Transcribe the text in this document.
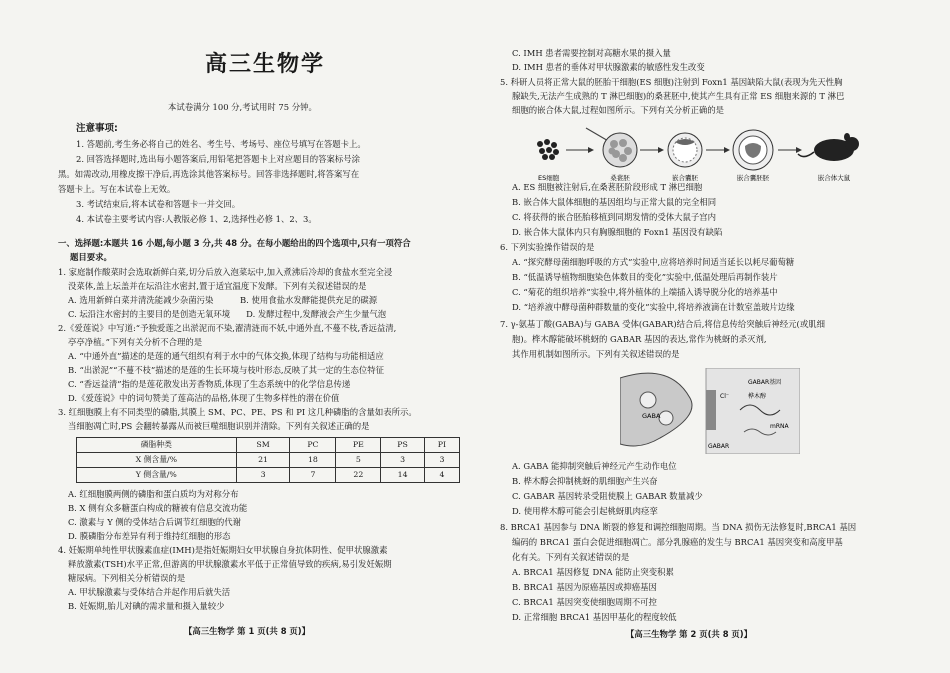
高三生物学
本试卷满分 100 分,考试用时 75 分钟。
注意事项:
1. 答题前,考生务必将自己的姓名、考生号、考场号、座位号填写在答题卡上。
2. 回答选择题时,选出每小题答案后,用铅笔把答题卡上对应题目的答案标号涂
黑。如需改动,用橡皮擦干净后,再选涂其他答案标号。回答非选择题时,将答案写在
答题卡上。写在本试卷上无效。
3. 考试结束后,将本试卷和答题卡一并交回。
4. 本试卷主要考试内容:人教版必修 1、2,选择性必修 1、2、3。
一、选择题:本题共 16 小题,每小题 3 分,共 48 分。在每小题给出的四个选项中,只有一项符合
题目要求。
1. 家庭制作酸菜时会选取新鲜白菜,切分后放入泡菜坛中,加入煮沸后冷却的食盐水至完全浸
没菜体,盖上坛盖并在坛沿注水密封,置于适宜温度下发酵。下列有关叙述错误的是
A. 选用新鲜白菜并清洗能减少杂菌污染          B. 使用食盐水发酵能提供充足的碳源
C. 坛沿注水密封的主要目的是创造无氧环境      D. 发酵过程中,发酵液会产生少量气泡
2.《爱莲说》中写道:“予独爱莲之出淤泥而不染,濯清涟而不妖,中通外直,不蔓不枝,香远益清,
亭亭净植。”下列有关分析不合理的是
A. “中通外直”描述的是莲的通气组织有利于水中的气体交换,体现了结构与功能相适应
B. “出淤泥”“不蔓不枝”描述的是莲的生长环境与枝叶形态,反映了其一定的生态位特征
C. “香远益清”指的是莲花散发出芳香物质,体现了生态系统中的化学信息传递
D.《爱莲说》中的词句赞美了莲高洁的品格,体现了生物多样性的潜在价值
3. 红细胞膜上有不同类型的磷脂,其膜上 SM、PC、PE、PS 和 PI 这几种磷脂的含量如表所示。
当细胞凋亡时,PS 会翻转暴露从而被巨噬细胞识别并清除。下列有关叙述正确的是
磷脂种类	SM	PC	PE	PS	PI
X 侧含量/%	21	18	5	3	3
Y 侧含量/%	3	7	22	14	4
A. 红细胞膜两侧的磷脂和蛋白质均为对称分布
B. X 侧有众多糖蛋白构成的糖被有信息交流功能
C. 激素与 Y 侧的受体结合后调节红细胞的代谢
D. 膜磷脂分布差异有利于维持红细胞的形态
4. 妊娠期单纯性甲状腺素血症(IMH)是指妊娠期妇女甲状腺自身抗体阴性、促甲状腺激素
释放激素(TSH)水平正常,但游离的甲状腺激素水平低于正常值导致的疾病,易引发妊娠期
糖尿病。下列相关分析错误的是
A. 甲状腺激素与受体结合并起作用后就失活
B. 妊娠期,胎儿对碘的需求量和摄入量较少
【高三生物学 第 1 页(共 8 页)】
C. IMH 患者需要控制对高糖水果的摄入量
D. IMH 患者的垂体对甲状腺激素的敏感性发生改变
5. 科研人员将正常大鼠的胚胎干细胞(ES 细胞)注射到 Foxn1 基因缺陷大鼠(表现为先天性胸
腺缺失,无法产生成熟的 T 淋巴细胞)的桑葚胚中,使其产生具有正常 ES 细胞来源的 T 淋巴
细胞的嵌合体大鼠,过程如图所示。下列有关分析正确的是
ES细胞	桑葚胚	嵌合囊胚	嵌合囊胚胚	嵌合体大鼠
A. ES 细胞被注射后,在桑葚胚阶段形成 T 淋巴细胞
B. 嵌合体大鼠体细胞的基因组均与正常大鼠的完全相同
C. 将获得的嵌合胚胎移植到同期发情的受体大鼠子宫内
D. 嵌合体大鼠体内只有胸腺细胞的 Foxn1 基因没有缺陷
6. 下列实验操作错误的是
A. “探究酵母菌细胞呼吸的方式”实验中,应将培养时间适当延长以耗尽葡萄糖
B. “低温诱导植物细胞染色体数目的变化”实验中,低温处理后再制作装片
C. “菊花的组织培养”实验中,将外植体的上端插入诱导脱分化的培养基中
D. “培养液中酵母菌种群数量的变化”实验中,将培养液滴在计数室盖玻片边缘
7. γ-氨基丁酸(GABA)与 GABA 受体(GABAR)结合后,将信息传给突触后神经元(或肌细
胞)。桦木醇能破坏桃蚜的 GABAR 基因的表达,常作为桃蚜的杀灭剂,
其作用机制如图所示。下列有关叙述错误的是
GABA
Cl⁻
GABAR
GABAR基因
桦木醇
mRNA
A. GABA 能抑制突触后神经元产生动作电位
B. 桦木醇会抑制桃蚜的肌细胞产生兴奋
C. GABAR 基因转录受阻使膜上 GABAR 数量减少
D. 使用桦木醇可能会引起桃蚜肌肉痉挛
8. BRCA1 基因参与 DNA 断裂的修复和调控细胞周期。当 DNA 损伤无法修复时,BRCA1 基因
编码的 BRCA1 蛋白会促进细胞凋亡。部分乳腺癌的发生与 BRCA1 基因突变和高度甲基
化有关。下列有关叙述错误的是
A. BRCA1 基因修复 DNA 能防止突变积累
B. BRCA1 基因为原癌基因或抑癌基因
C. BRCA1 基因突变使细胞周期不可控
D. 正常细胞 BRCA1 基因甲基化的程度较低
【高三生物学 第 2 页(共 8 页)】
